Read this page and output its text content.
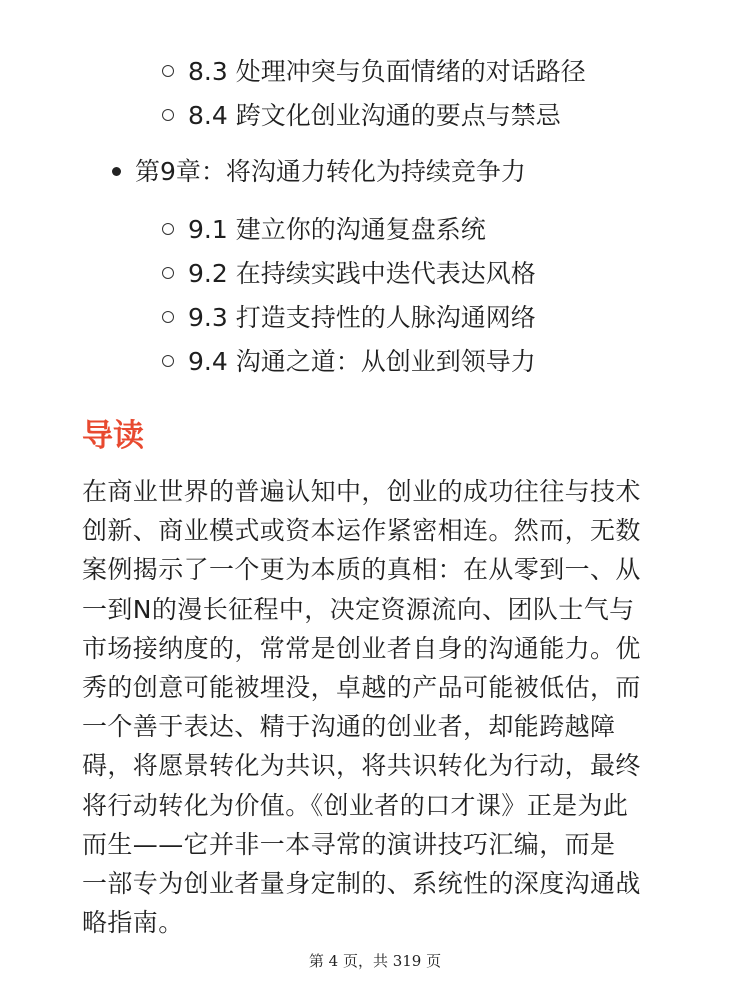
8.3 处理冲突与负面情绪的对话路径
8.4 跨文化创业沟通的要点与禁忌
第9章：将沟通力转化为持续竞争力
9.1 建立你的沟通复盘系统
9.2 在持续实践中迭代表达风格
9.3 打造支持性的人脉沟通网络
9.4 沟通之道：从创业到领导力
导读

在商业世界的普遍认知中，创业的成功往往与技术

创新、商业模式或资本运作紧密相连。然而，无数

案例揭示了一个更为本质的真相：在从零到一、从

一到N的漫长征程中，决定资源流向、团队士气与

市场接纳度的，常常是创业者自身的沟通能力。优

秀的创意可能被埋没，卓越的产品可能被低估，而

一个善于表达、精于沟通的创业者，却能跨越障

碍，将愿景转化为共识，将共识转化为行动，最终

将行动转化为价值。《创业者的口才课》正是为此

而生——它并非一本寻常的演讲技巧汇编，而是

一部专为创业者量身定制的、系统性的深度沟通战

略指南。

第 4 页，共 319 页
